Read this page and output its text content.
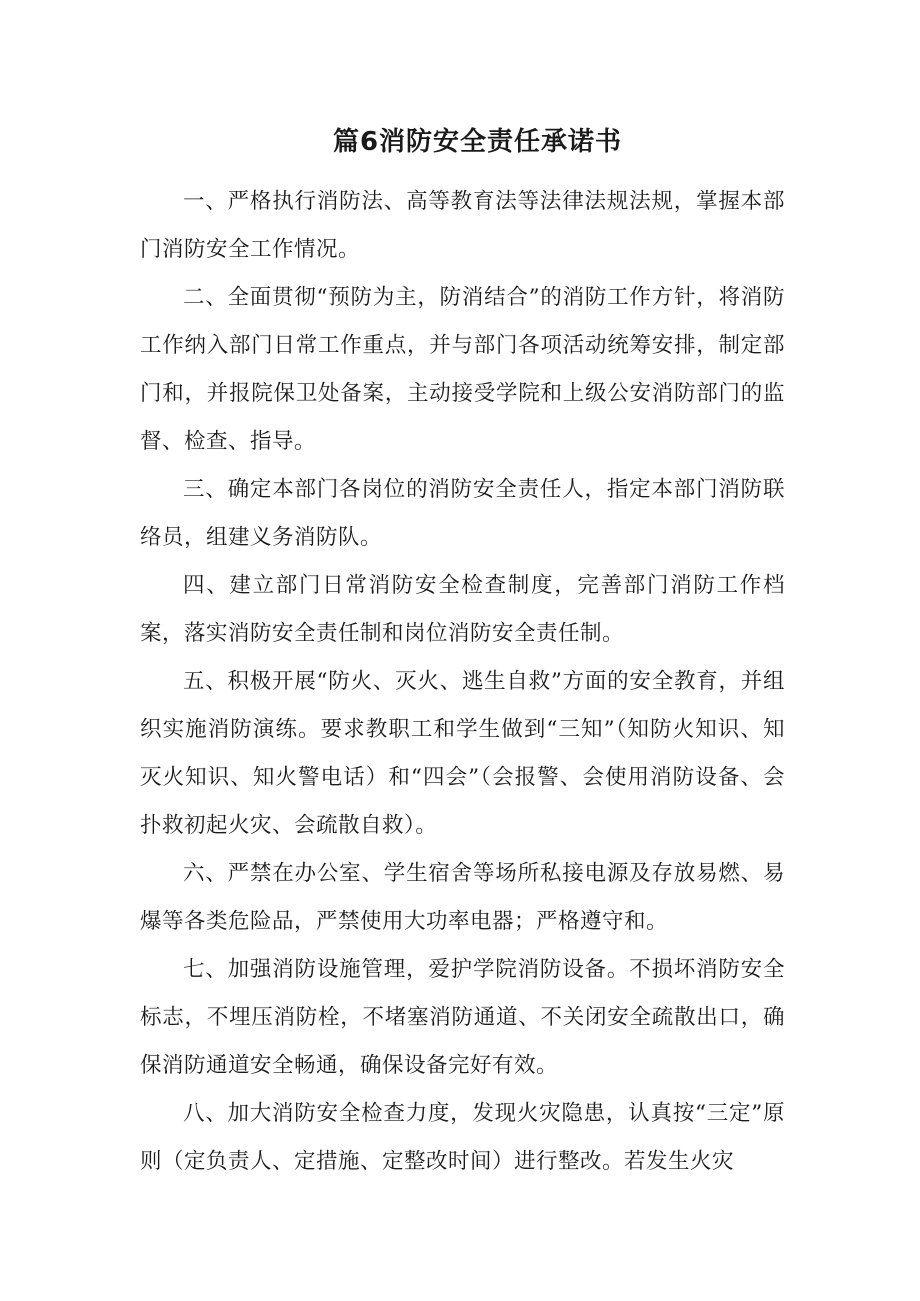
篇6消防安全责任承诺书

一、严格执行消防法、高等教育法等法律法规法规，掌握本部门消防安全工作情况。

二、全面贯彻“预防为主，防消结合”的消防工作方针，将消防工作纳入部门日常工作重点，并与部门各项活动统筹安排，制定部门和，并报院保卫处备案，主动接受学院和上级公安消防部门的监督、检查、指导。

三、确定本部门各岗位的消防安全责任人，指定本部门消防联络员，组建义务消防队。

四、建立部门日常消防安全检查制度，完善部门消防工作档案，落实消防安全责任制和岗位消防安全责任制。

五、积极开展“防火、灭火、逃生自救”方面的安全教育，并组织实施消防演练。要求教职工和学生做到“三知”（知防火知识、知灭火知识、知火警电话）和“四会”（会报警、会使用消防设备、会扑救初起火灾、会疏散自救）。

六、严禁在办公室、学生宿舍等场所私接电源及存放易燃、易爆等各类危险品，严禁使用大功率电器；严格遵守和。

七、加强消防设施管理，爱护学院消防设备。不损坏消防安全标志，不埋压消防栓，不堵塞消防通道、不关闭安全疏散出口，确保消防通道安全畅通，确保设备完好有效。

八、加大消防安全检查力度，发现火灾隐患，认真按“三定”原则（定负责人、定措施、定整改时间）进行整改。若发生火灾
